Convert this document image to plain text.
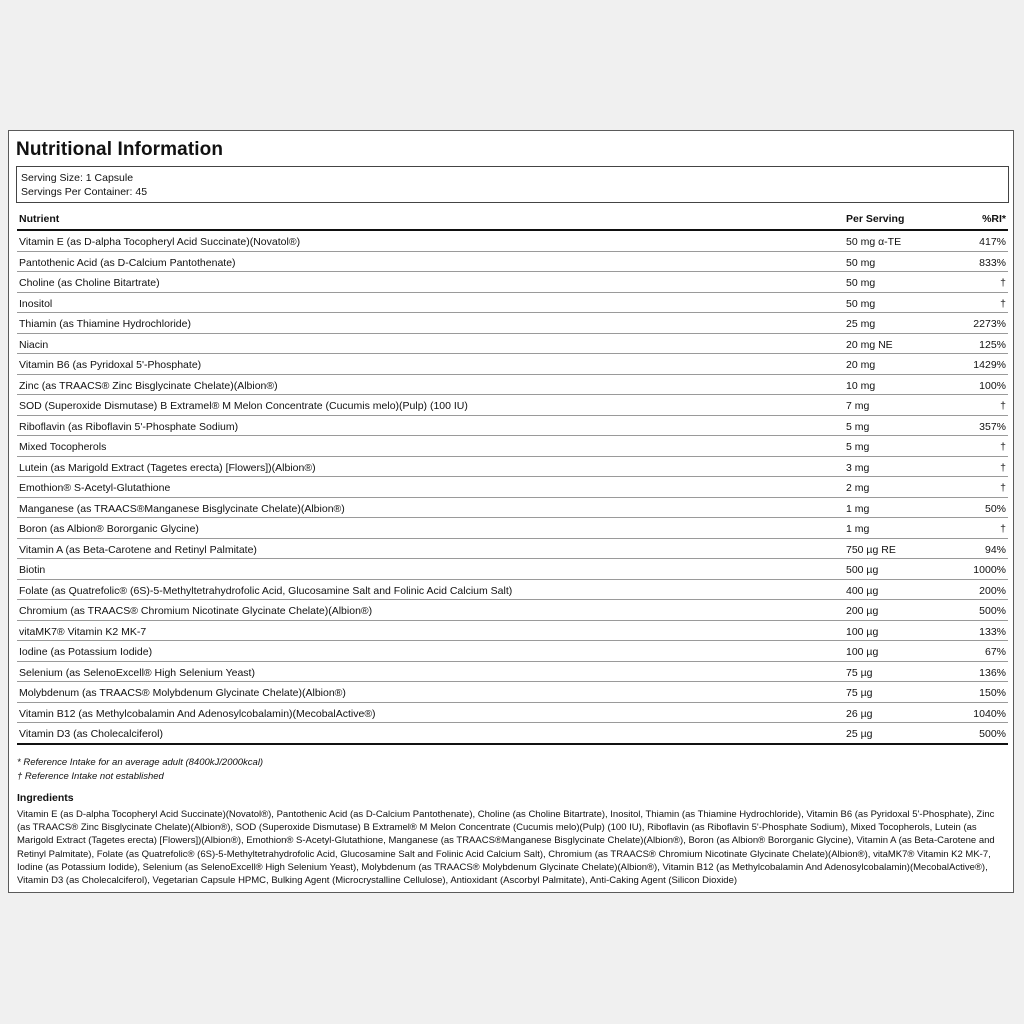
Nutritional Information
Serving Size: 1 Capsule
Servings Per Container: 45
Nutrient	Per Serving	%RI*
Vitamin E (as D-alpha Tocopheryl Acid Succinate)(Novatol®)	50 mg α-TE	417%
Pantothenic Acid (as D-Calcium Pantothenate)	50 mg	833%
Choline (as Choline Bitartrate)	50 mg	†
Inositol	50 mg	†
Thiamin (as Thiamine Hydrochloride)	25 mg	2273%
Niacin	20 mg NE	125%
Vitamin B6 (as Pyridoxal 5'-Phosphate)	20 mg	1429%
Zinc (as TRAACS® Zinc Bisglycinate Chelate)(Albion®)	10 mg	100%
SOD (Superoxide Dismutase) B Extramel® M Melon Concentrate (Cucumis melo)(Pulp) (100 IU)	7 mg	†
Riboflavin (as Riboflavin 5'-Phosphate Sodium)	5 mg	357%
Mixed Tocopherols	5 mg	†
Lutein (as Marigold Extract (Tagetes erecta) [Flowers])(Albion®)	3 mg	†
Emothion® S-Acetyl-Glutathione	2 mg	†
Manganese (as TRAACS®Manganese Bisglycinate Chelate)(Albion®)	1 mg	50%
Boron (as Albion® Bororganic Glycine)	1 mg	†
Vitamin A (as Beta-Carotene and Retinyl Palmitate)	750 µg RE	94%
Biotin	500 µg	1000%
Folate (as Quatrefolic® (6S)-5-Methyltetrahydrofolic Acid, Glucosamine Salt and Folinic Acid Calcium Salt)	400 µg	200%
Chromium (as TRAACS® Chromium Nicotinate Glycinate Chelate)(Albion®)	200 µg	500%
vitaMK7® Vitamin K2 MK-7	100 µg	133%
Iodine (as Potassium Iodide)	100 µg	67%
Selenium (as SelenoExcell® High Selenium Yeast)	75 µg	136%
Molybdenum (as TRAACS® Molybdenum Glycinate Chelate)(Albion®)	75 µg	150%
Vitamin B12 (as Methylcobalamin And Adenosylcobalamin)(MecobalActive®)	26 µg	1040%
Vitamin D3 (as Cholecalciferol)	25 µg	500%
* Reference Intake for an average adult (8400kJ/2000kcal)
† Reference Intake not established
Ingredients
Vitamin E (as D-alpha Tocopheryl Acid Succinate)(Novatol®), Pantothenic Acid (as D-Calcium Pantothenate), Choline (as Choline Bitartrate), Inositol, Thiamin (as Thiamine Hydrochloride), Vitamin B6 (as Pyridoxal 5'-Phosphate), Zinc (as TRAACS® Zinc Bisglycinate Chelate)(Albion®), SOD (Superoxide Dismutase) B Extramel® M Melon Concentrate (Cucumis melo)(Pulp) (100 IU), Riboflavin (as Riboflavin 5'-Phosphate Sodium), Mixed Tocopherols, Lutein (as Marigold Extract (Tagetes erecta) [Flowers])(Albion®), Emothion® S-Acetyl-Glutathione, Manganese (as TRAACS®Manganese Bisglycinate Chelate)(Albion®), Boron (as Albion® Bororganic Glycine), Vitamin A (as Beta-Carotene and Retinyl Palmitate), Folate (as Quatrefolic® (6S)-5-Methyltetrahydrofolic Acid, Glucosamine Salt and Folinic Acid Calcium Salt), Chromium (as TRAACS® Chromium Nicotinate Glycinate Chelate)(Albion®), vitaMK7® Vitamin K2 MK-7, Iodine (as Potassium Iodide), Selenium (as SelenoExcell® High Selenium Yeast), Molybdenum (as TRAACS® Molybdenum Glycinate Chelate)(Albion®), Vitamin B12 (as Methylcobalamin And Adenosylcobalamin)(MecobalActive®), Vitamin D3 (as Cholecalciferol), Vegetarian Capsule HPMC, Bulking Agent (Microcrystalline Cellulose), Antioxidant (Ascorbyl Palmitate), Anti-Caking Agent (Silicon Dioxide)
